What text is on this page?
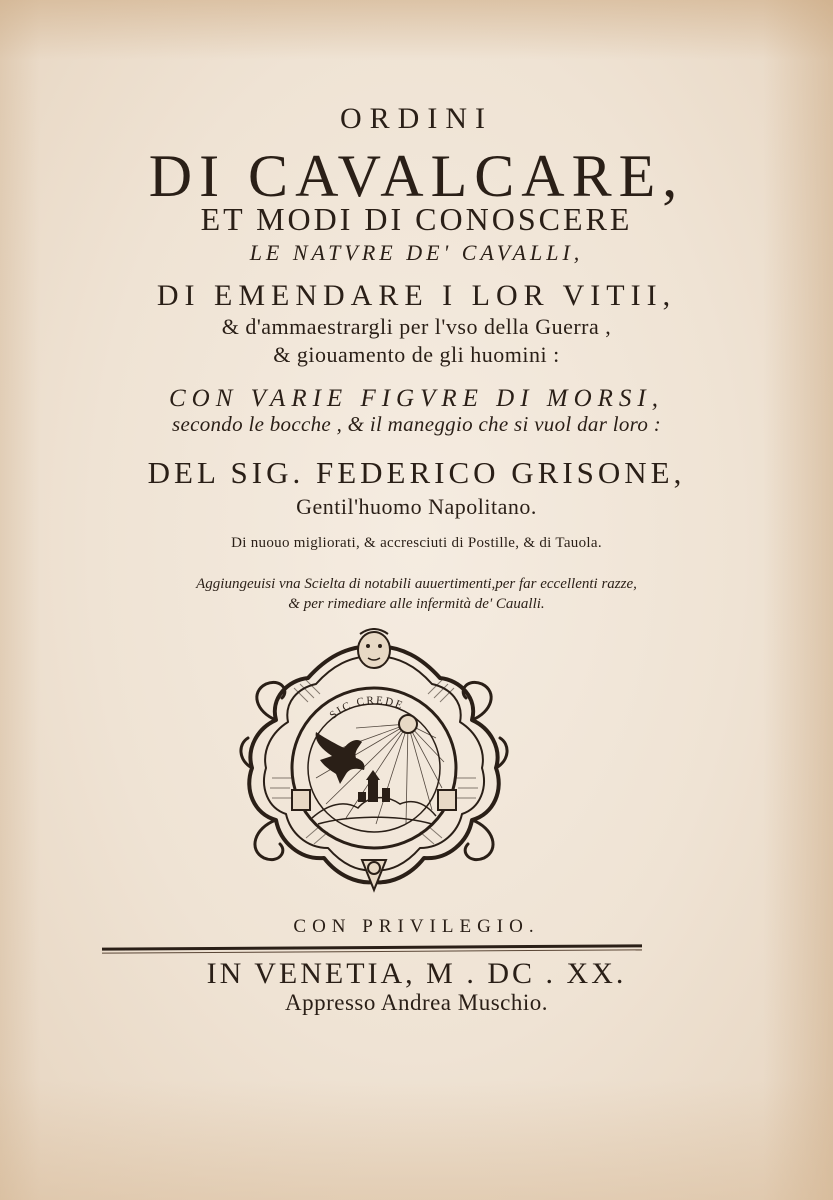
ORDINI

DI CAVALCARE,

ET MODI DI CONOSCERE

LE NATVRE DE' CAVALLI,

DI EMENDARE I LOR VITII,

& d'ammaestrargli per l'vso della Guerra ,

& giouamento de gli huomini :

CON VARIE FIGVRE DI MORSI,

secondo le bocche , & il maneggio che si vuol dar loro :

DEL SIG. FEDERICO GRISONE,

Gentil'huomo Napolitano.

Di nuouo migliorati, & accresciuti di Postille, & di Tauola.

Aggiungeuisi vna Scielta di notabili auuertimenti,per far eccellenti razze,

& per rimediare alle infermità de' Caualli.

SIC CREDE

CON PRIVILEGIO.

IN VENETIA, M . DC . XX.

Appresso Andrea Muschio.
